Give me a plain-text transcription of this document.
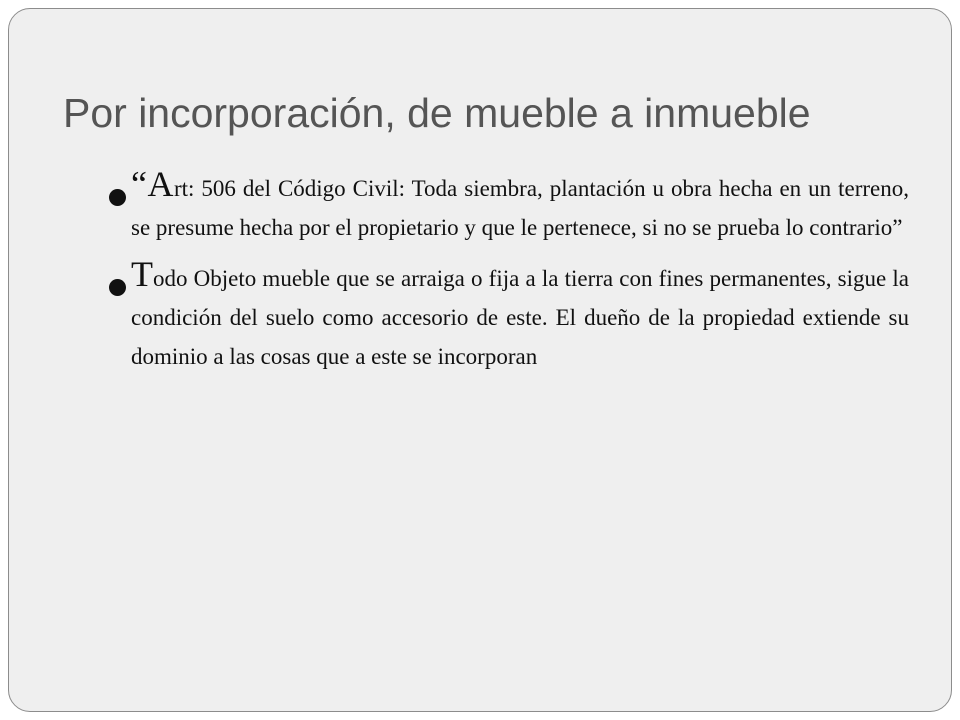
Por incorporación, de mueble a inmueble
“Art: 506 del Código Civil: Toda siembra, plantación u obra hecha en un terreno, se presume hecha por el propietario y que le pertenece, si no se prueba lo contrario”
Todo Objeto mueble que se arraiga o fija a la tierra con fines permanentes, sigue la condición del suelo como accesorio de este. El dueño de la propiedad extiende su dominio a las cosas que a este se incorporan
